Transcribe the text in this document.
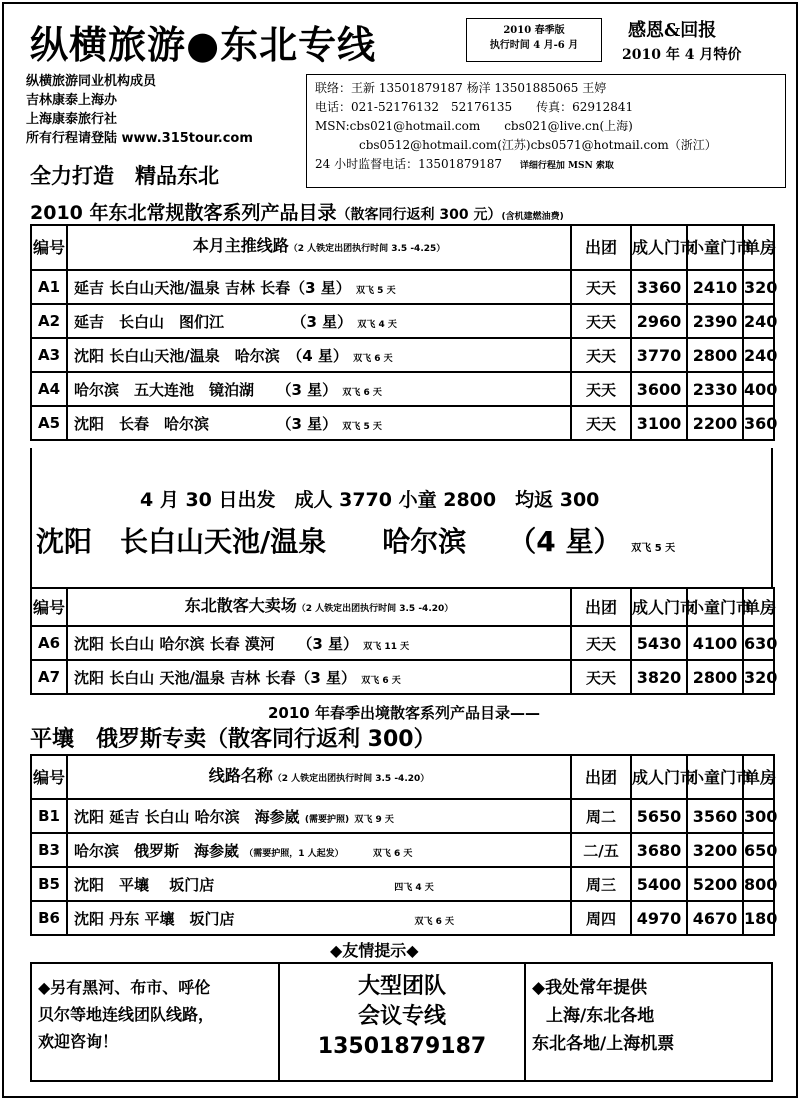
纵横旅游●东北专线	2010 春季版
执行时间 4 月-6 月
感恩&回报
2010 年 4 月特价
纵横旅游同业机构成员
吉林康泰上海办
上海康泰旅行社
所有行程请登陆 www.315tour.com
全力打造　精品东北
联络：王新 13501879187 杨洋 13501885065 王婷
电话：021-52176132　52176135　　传真：62912841
MSN:cbs021@hotmail.com　　cbs021@live.cn(上海)
cbs0512@hotmail.com(江苏)cbs0571@hotmail.com（浙江）
24 小时监督电话：13501879187 详细行程加 MSN 索取
2010 年东北常规散客系列产品目录（散客同行返利 300 元）(含机建燃油费)
编号	本月主推线路（2 人铁定出团执行时间 3.5 -4.25）	出团	成人门市	小童门市	单房
A1	延吉 长白山天池/温泉 吉林 长春（3 星） 双飞 5 天	天天	3360	2410	320
A2	延吉　长白山　图们江　　　　　（3 星） 双飞 4 天	天天	2960	2390	240
A3	沈阳 长白山天池/温泉　哈尔滨　（4 星） 双飞 6 天	天天	3770	2800	240
A4	哈尔滨　五大连池　镜泊湖　　（3 星） 双飞 6 天	天天	3600	2330	400
A5	沈阳　长春　哈尔滨　　　　　（3 星） 双飞 5 天	天天	3100	2200	360
4 月 30 日出发　成人 3770 小童 2800　均返 300
沈阳　长白山天池/温泉　　哈尔滨　　（4 星） 双飞 5 天
编号	东北散客大卖场（2 人铁定出团执行时间 3.5 -4.20）	出团	成人门市	小童门市	单房
A6	沈阳 长白山 哈尔滨 长春 漠河　　（3 星） 双飞 11 天	天天	5430	4100	630
A7	沈阳 长白山 天池/温泉 吉林 长春（3 星） 双飞 6 天	天天	3820	2800	320
2010 年春季出境散客系列产品目录——
平壤　俄罗斯专卖（散客同行返利 300）
编号	线路名称（2 人铁定出团执行时间 3.5 -4.20）	出团	成人门市	小童门市	单房
B1	沈阳 延吉 长白山 哈尔滨　海参崴 (需要护照) 双飞 9 天	周二	5650	3560	300
B3	哈尔滨　俄罗斯　海参崴 （需要护照，1 人起发） 双飞 6 天	二/五	3680	3200	650
B5	沈阳　平壤　 坂门店 四飞 4 天	周三	5400	5200	800
B6	沈阳 丹东 平壤　坂门店 双飞 6 天	周四	4970	4670	180
◆友情提示◆
◆另有黑河、布市、呼伦
贝尔等地连线团队线路，
欢迎咨询！
大型团队
会议专线
13501879187
◆我处常年提供
上海/东北各地
东北各地/上海机票
